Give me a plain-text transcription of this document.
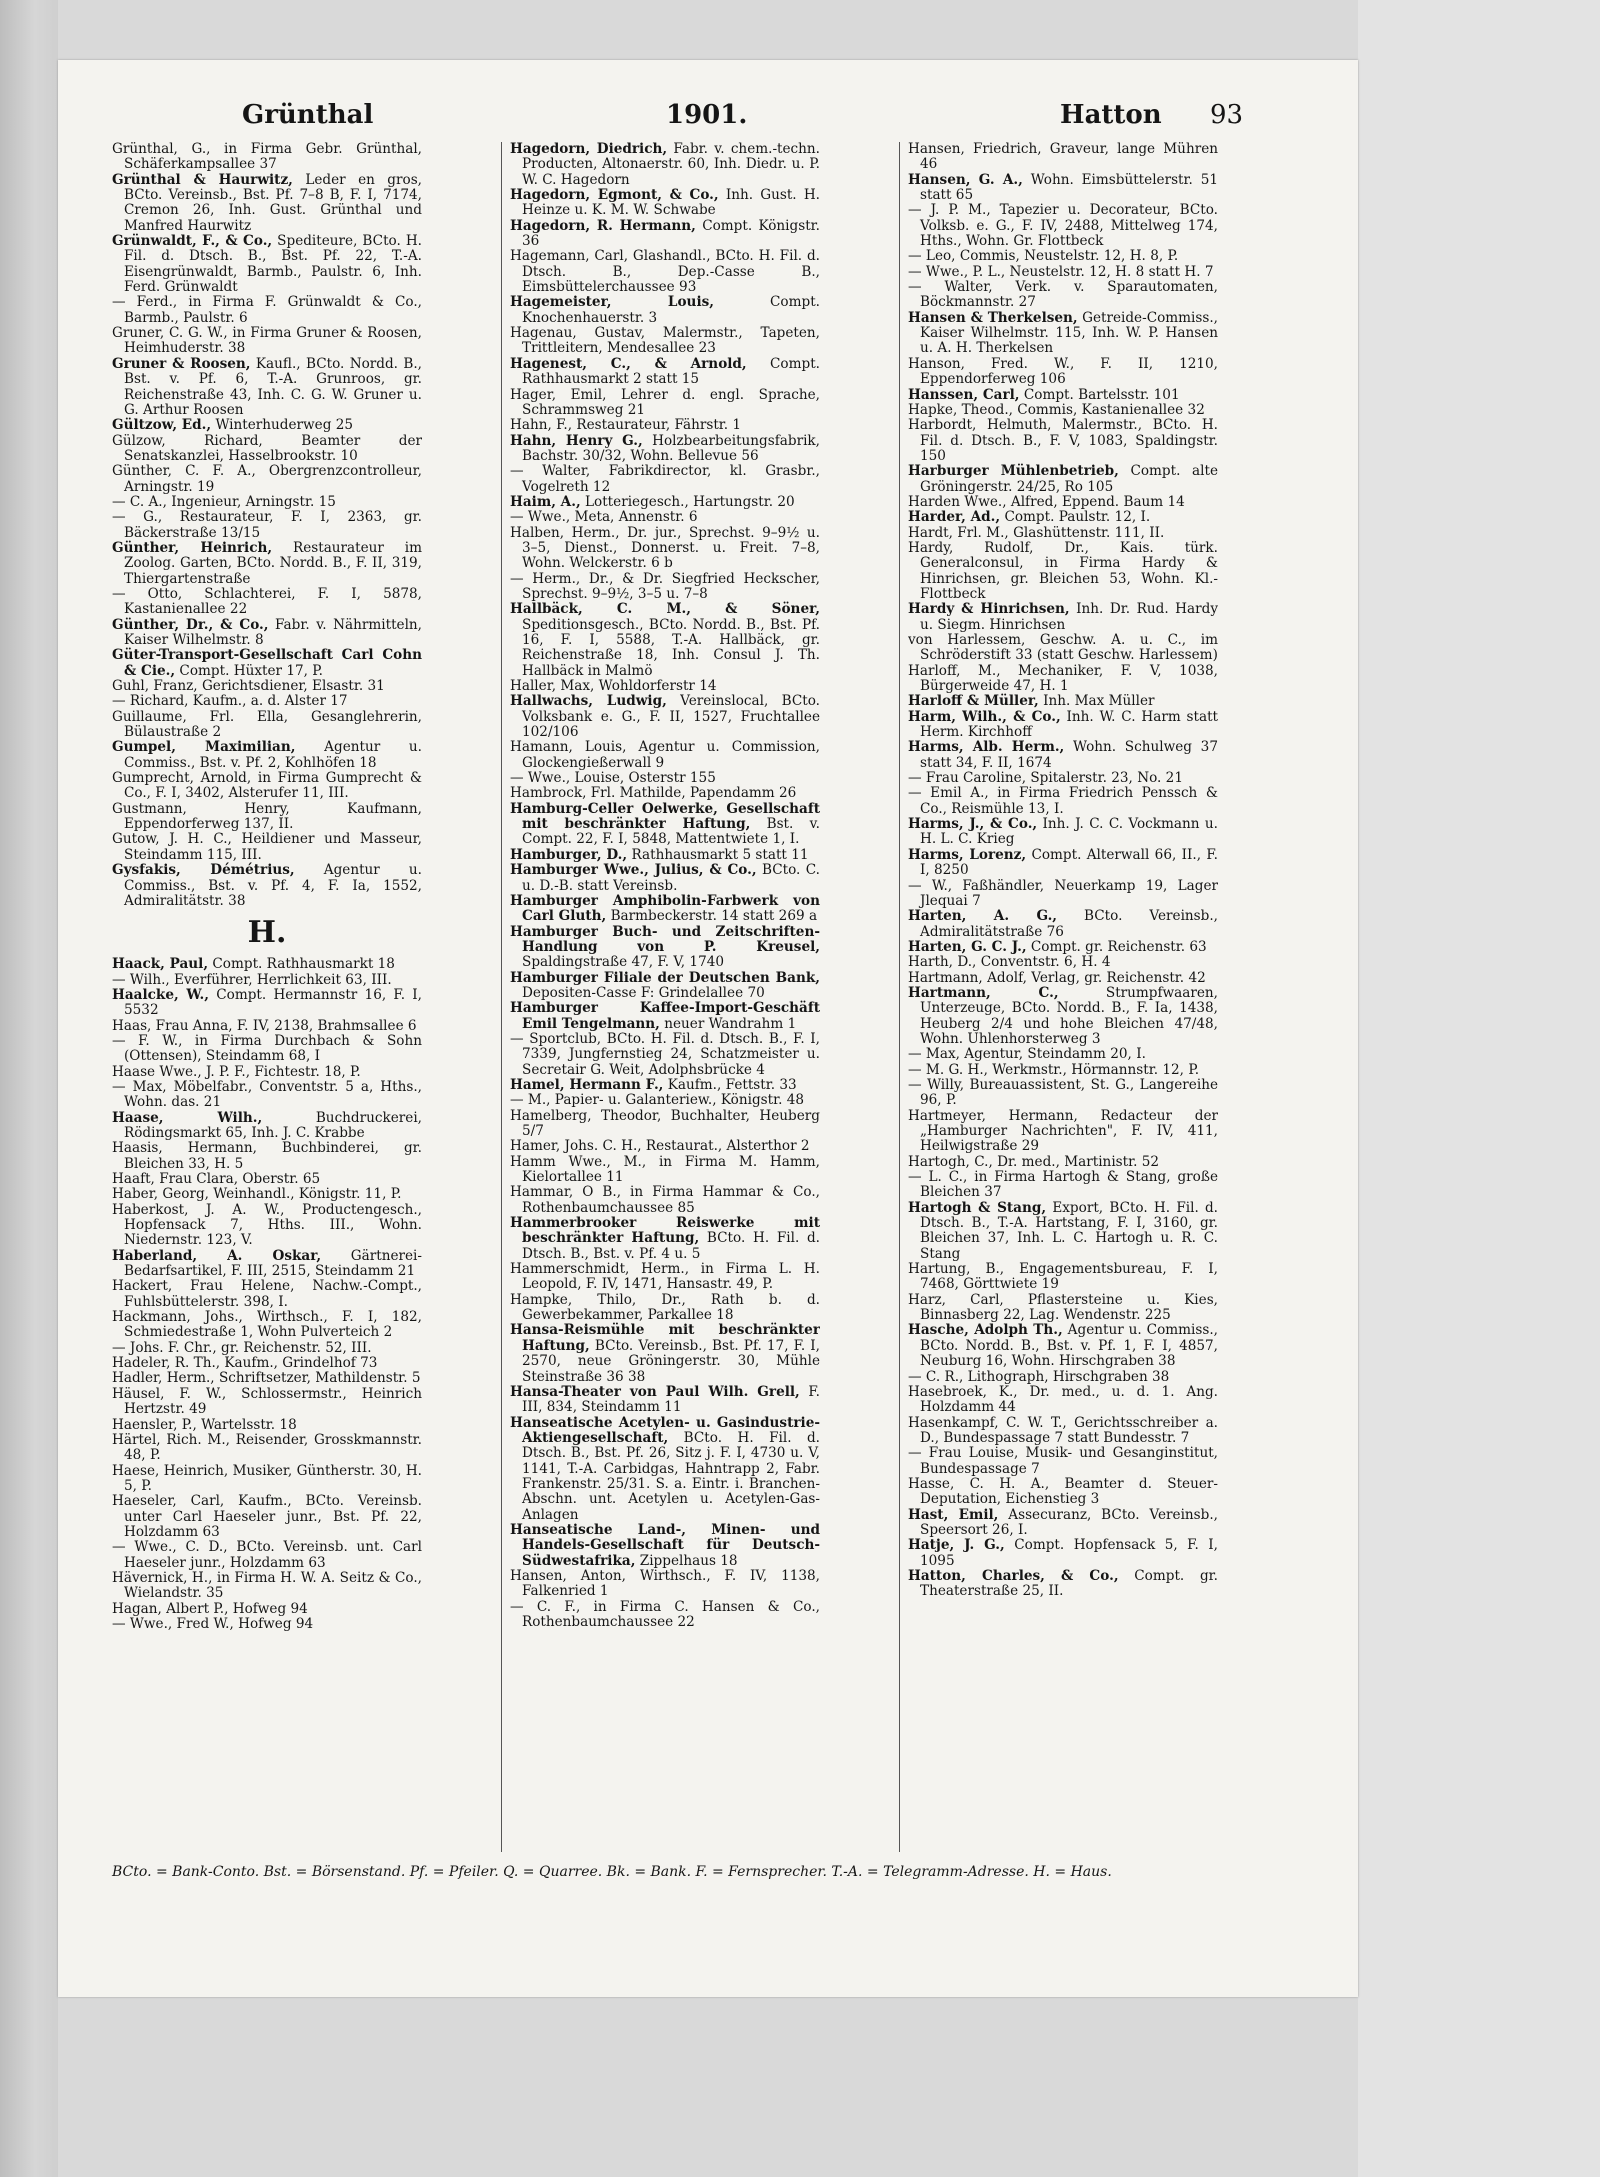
Grünthal	1901.	Hatton 93

Grünthal, G., in Firma Gebr. Grünthal, Schäferkampsallee 37

Grünthal & Haurwitz, Leder en gros, BCto. Vereinsb., Bst. Pf. 7–8 B, F. I, 7174, Cremon 26, Inh. Gust. Grünthal und Manfred Haurwitz

Grünwaldt, F., & Co., Spediteure, BCto. H. Fil. d. Dtsch. B., Bst. Pf. 22, T.-A. Eisengrünwaldt, Barmb., Paulstr. 6, Inh. Ferd. Grünwaldt

— Ferd., in Firma F. Grünwaldt & Co., Barmb., Paulstr. 6

Gruner, C. G. W., in Firma Gruner & Roosen, Heimhuderstr. 38

Gruner & Roosen, Kaufl., BCto. Nordd. B., Bst. v. Pf. 6, T.-A. Grunroos, gr. Reichenstraße 43, Inh. C. G. W. Gruner u. G. Arthur Roosen

Gültzow, Ed., Winterhuderweg 25

Gülzow, Richard, Beamter der Senatskanzlei, Hasselbrookstr. 10

Günther, C. F. A., Obergrenzcontrolleur, Arningstr. 19

— C. A., Ingenieur, Arningstr. 15

— G., Restaurateur, F. I, 2363, gr. Bäckerstraße 13/15

Günther, Heinrich, Restaurateur im Zoolog. Garten, BCto. Nordd. B., F. II, 319, Thiergartenstraße

— Otto, Schlachterei, F. I, 5878, Kastanienallee 22

Günther, Dr., & Co., Fabr. v. Nährmitteln, Kaiser Wilhelmstr. 8

Güter-Transport-Gesellschaft Carl Cohn & Cie., Compt. Hüxter 17, P.

Guhl, Franz, Gerichtsdiener, Elsastr. 31

— Richard, Kaufm., a. d. Alster 17

Guillaume, Frl. Ella, Gesanglehrerin, Bülaustraße 2

Gumpel, Maximilian, Agentur u. Commiss., Bst. v. Pf. 2, Kohlhöfen 18

Gumprecht, Arnold, in Firma Gumprecht & Co., F. I, 3402, Alsterufer 11, III.

Gustmann, Henry, Kaufmann, Eppendorferweg 137, II.

Gutow, J. H. C., Heildiener und Masseur, Steindamm 115, III.

Gysfakis, Démétrius, Agentur u. Commiss., Bst. v. Pf. 4, F. Ia, 1552, Admiralitätstr. 38

H.

Haack, Paul, Compt. Rathhausmarkt 18

— Wilh., Everführer, Herrlichkeit 63, III.

Haalcke, W., Compt. Hermannstr 16, F. I, 5532

Haas, Frau Anna, F. IV, 2138, Brahmsallee 6

— F. W., in Firma Durchbach & Sohn (Ottensen), Steindamm 68, I

Haase Wwe., J. P. F., Fichtestr. 18, P.

— Max, Möbelfabr., Conventstr. 5 a, Hths., Wohn. das. 21

Haase, Wilh., Buchdruckerei, Rödingsmarkt 65, Inh. J. C. Krabbe

Haasis, Hermann, Buchbinderei, gr. Bleichen 33, H. 5

Haaft, Frau Clara, Oberstr. 65

Haber, Georg, Weinhandl., Königstr. 11, P.

Haberkost, J. A. W., Productengesch., Hopfensack 7, Hths. III., Wohn. Niedernstr. 123, V.

Haberland, A. Oskar, Gärtnerei-Bedarfsartikel, F. III, 2515, Steindamm 21

Hackert, Frau Helene, Nachw.-Compt., Fuhlsbüttelerstr. 398, I.

Hackmann, Johs., Wirthsch., F. I, 182, Schmiedestraße 1, Wohn Pulverteich 2

— Johs. F. Chr., gr. Reichenstr. 52, III.

Hadeler, R. Th., Kaufm., Grindelhof 73

Hadler, Herm., Schriftsetzer, Mathildenstr. 5

Häusel, F. W., Schlossermstr., Heinrich Hertzstr. 49

Haensler, P., Wartelsstr. 18

Härtel, Rich. M., Reisender, Grosskmannstr. 48, P.

Haese, Heinrich, Musiker, Güntherstr. 30, H. 5, P.

Haeseler, Carl, Kaufm., BCto. Vereinsb. unter Carl Haeseler junr., Bst. Pf. 22, Holzdamm 63

— Wwe., C. D., BCto. Vereinsb. unt. Carl Haeseler junr., Holzdamm 63

Hävernick, H., in Firma H. W. A. Seitz & Co., Wielandstr. 35

Hagan, Albert P., Hofweg 94

— Wwe., Fred W., Hofweg 94

Hagedorn, Diedrich, Fabr. v. chem.-techn. Producten, Altonaerstr. 60, Inh. Diedr. u. P. W. C. Hagedorn

Hagedorn, Egmont, & Co., Inh. Gust. H. Heinze u. K. M. W. Schwabe

Hagedorn, R. Hermann, Compt. Königstr. 36

Hagemann, Carl, Glashandl., BCto. H. Fil. d. Dtsch. B., Dep.-Casse B., Eimsbüttelerchaussee 93

Hagemeister, Louis, Compt. Knochenhauerstr. 3

Hagenau, Gustav, Malermstr., Tapeten, Trittleitern, Mendesallee 23

Hagenest, C., & Arnold, Compt. Rathhausmarkt 2 statt 15

Hager, Emil, Lehrer d. engl. Sprache, Schrammsweg 21

Hahn, F., Restaurateur, Fährstr. 1

Hahn, Henry G., Holzbearbeitungsfabrik, Bachstr. 30/32, Wohn. Bellevue 56

— Walter, Fabrikdirector, kl. Grasbr., Vogelreth 12

Haim, A., Lotteriegesch., Hartungstr. 20

— Wwe., Meta, Annenstr. 6

Halben, Herm., Dr. jur., Sprechst. 9–9½ u. 3–5, Dienst., Donnerst. u. Freit. 7–8, Wohn. Welckerstr. 6 b

— Herm., Dr., & Dr. Siegfried Heckscher, Sprechst. 9–9½, 3–5 u. 7–8

Hallbäck, C. M., & Söner, Speditionsgesch., BCto. Nordd. B., Bst. Pf. 16, F. I, 5588, T.-A. Hallbäck, gr. Reichenstraße 18, Inh. Consul J. Th. Hallbäck in Malmö

Haller, Max, Wohldorferstr 14

Hallwachs, Ludwig, Vereinslocal, BCto. Volksbank e. G., F. II, 1527, Fruchtallee 102/106

Hamann, Louis, Agentur u. Commission, Glockengießerwall 9

— Wwe., Louise, Osterstr 155

Hambrock, Frl. Mathilde, Papendamm 26

Hamburg-Celler Oelwerke, Gesellschaft mit beschränkter Haftung, Bst. v. Compt. 22, F. I, 5848, Mattentwiete 1, I.

Hamburger, D., Rathhausmarkt 5 statt 11

Hamburger Wwe., Julius, & Co., BCto. C. u. D.-B. statt Vereinsb.

Hamburger Amphibolin-Farbwerk von Carl Gluth, Barmbeckerstr. 14 statt 269 a

Hamburger Buch- und Zeitschriften-Handlung von P. Kreusel, Spaldingstraße 47, F. V, 1740

Hamburger Filiale der Deutschen Bank, Depositen-Casse F: Grindelallee 70

Hamburger Kaffee-Import-Geschäft Emil Tengelmann, neuer Wandrahm 1

— Sportclub, BCto. H. Fil. d. Dtsch. B., F. I, 7339, Jungfernstieg 24, Schatzmeister u. Secretair G. Weit, Adolphsbrücke 4

Hamel, Hermann F., Kaufm., Fettstr. 33

— M., Papier- u. Galanteriew., Königstr. 48

Hamelberg, Theodor, Buchhalter, Heuberg 5/7

Hamer, Johs. C. H., Restaurat., Alsterthor 2

Hamm Wwe., M., in Firma M. Hamm, Kielortallee 11

Hammar, O B., in Firma Hammar & Co., Rothenbaumchaussee 85

Hammerbrooker Reiswerke mit beschränkter Haftung, BCto. H. Fil. d. Dtsch. B., Bst. v. Pf. 4 u. 5

Hammerschmidt, Herm., in Firma L. H. Leopold, F. IV, 1471, Hansastr. 49, P.

Hampke, Thilo, Dr., Rath b. d. Gewerbekammer, Parkallee 18

Hansa-Reismühle mit beschränkter Haftung, BCto. Vereinsb., Bst. Pf. 17, F. I, 2570, neue Gröningerstr. 30, Mühle Steinstraße 36 38

Hansa-Theater von Paul Wilh. Grell, F. III, 834, Steindamm 11

Hanseatische Acetylen- u. Gasindustrie-Aktiengesellschaft, BCto. H. Fil. d. Dtsch. B., Bst. Pf. 26, Sitz j. F. I, 4730 u. V, 1141, T.-A. Carbidgas, Hahntrapp 2, Fabr. Frankenstr. 25/31. S. a. Eintr. i. Branchen-Abschn. unt. Acetylen u. Acetylen-Gas-Anlagen

Hanseatische Land-, Minen- und Handels-Gesellschaft für Deutsch-Südwestafrika, Zippelhaus 18

Hansen, Anton, Wirthsch., F. IV, 1138, Falkenried 1

— C. F., in Firma C. Hansen & Co., Rothenbaumchaussee 22

Hansen, Friedrich, Graveur, lange Mühren 46

Hansen, G. A., Wohn. Eimsbüttelerstr. 51 statt 65

— J. P. M., Tapezier u. Decorateur, BCto. Volksb. e. G., F. IV, 2488, Mittelweg 174, Hths., Wohn. Gr. Flottbeck

— Leo, Commis, Neustelstr. 12, H. 8, P.

— Wwe., P. L., Neustelstr. 12, H. 8 statt H. 7

— Walter, Verk. v. Sparautomaten, Böckmannstr. 27

Hansen & Therkelsen, Getreide-Commiss., Kaiser Wilhelmstr. 115, Inh. W. P. Hansen u. A. H. Therkelsen

Hanson, Fred. W., F. II, 1210, Eppendorferweg 106

Hanssen, Carl, Compt. Bartelsstr. 101

Hapke, Theod., Commis, Kastanienallee 32

Harbordt, Helmuth, Malermstr., BCto. H. Fil. d. Dtsch. B., F. V, 1083, Spaldingstr. 150

Harburger Mühlenbetrieb, Compt. alte Gröningerstr. 24/25, Ro 105

Harden Wwe., Alfred, Eppend. Baum 14

Harder, Ad., Compt. Paulstr. 12, I.

Hardt, Frl. M., Glashüttenstr. 111, II.

Hardy, Rudolf, Dr., Kais. türk. Generalconsul, in Firma Hardy & Hinrichsen, gr. Bleichen 53, Wohn. Kl.-Flottbeck

Hardy & Hinrichsen, Inh. Dr. Rud. Hardy u. Siegm. Hinrichsen

von Harlessem, Geschw. A. u. C., im Schröderstift 33 (statt Geschw. Harlessem)

Harloff, M., Mechaniker, F. V, 1038, Bürgerweide 47, H. 1

Harloff & Müller, Inh. Max Müller

Harm, Wilh., & Co., Inh. W. C. Harm statt Herm. Kirchhoff

Harms, Alb. Herm., Wohn. Schulweg 37 statt 34, F. II, 1674

— Frau Caroline, Spitalerstr. 23, No. 21

— Emil A., in Firma Friedrich Penssch & Co., Reismühle 13, I.

Harms, J., & Co., Inh. J. C. C. Vockmann u. H. L. C. Krieg

Harms, Lorenz, Compt. Alterwall 66, II., F. I, 8250

— W., Faßhändler, Neuerkamp 19, Lager Jlequai 7

Harten, A. G., BCto. Vereinsb., Admiralitätstraße 76

Harten, G. C. J., Compt. gr. Reichenstr. 63

Harth, D., Conventstr. 6, H. 4

Hartmann, Adolf, Verlag, gr. Reichenstr. 42

Hartmann, C., Strumpfwaaren, Unterzeuge, BCto. Nordd. B., F. Ia, 1438, Heuberg 2/4 und hohe Bleichen 47/48, Wohn. Uhlenhorsterweg 3

— Max, Agentur, Steindamm 20, I.

— M. G. H., Werkmstr., Hörmannstr. 12, P.

— Willy, Bureauassistent, St. G., Langereihe 96, P.

Hartmeyer, Hermann, Redacteur der „Hamburger Nachrichten", F. IV, 411, Heilwigstraße 29

Hartogh, C., Dr. med., Martinistr. 52

— L. C., in Firma Hartogh & Stang, große Bleichen 37

Hartogh & Stang, Export, BCto. H. Fil. d. Dtsch. B., T.-A. Hartstang, F. I, 3160, gr. Bleichen 37, Inh. L. C. Hartogh u. R. C. Stang

Hartung, B., Engagementsbureau, F. I, 7468, Görttwiete 19

Harz, Carl, Pflastersteine u. Kies, Binnasberg 22, Lag. Wendenstr. 225

Hasche, Adolph Th., Agentur u. Commiss., BCto. Nordd. B., Bst. v. Pf. 1, F. I, 4857, Neuburg 16, Wohn. Hirschgraben 38

— C. R., Lithograph, Hirschgraben 38

Hasebroek, K., Dr. med., u. d. 1. Ang. Holzdamm 44

Hasenkampf, C. W. T., Gerichtsschreiber a. D., Bundespassage 7 statt Bundesstr. 7

— Frau Louise, Musik- und Gesanginstitut, Bundespassage 7

Hasse, C. H. A., Beamter d. Steuer-Deputation, Eichenstieg 3

Hast, Emil, Assecuranz, BCto. Vereinsb., Speersort 26, I.

Hatje, J. G., Compt. Hopfensack 5, F. I, 1095

Hatton, Charles, & Co., Compt. gr. Theaterstraße 25, II.

BCto. = Bank-Conto. Bst. = Börsenstand. Pf. = Pfeiler. Q. = Quarree. Bk. = Bank. F. = Fernsprecher. T.-A. = Telegramm-Adresse. H. = Haus.
